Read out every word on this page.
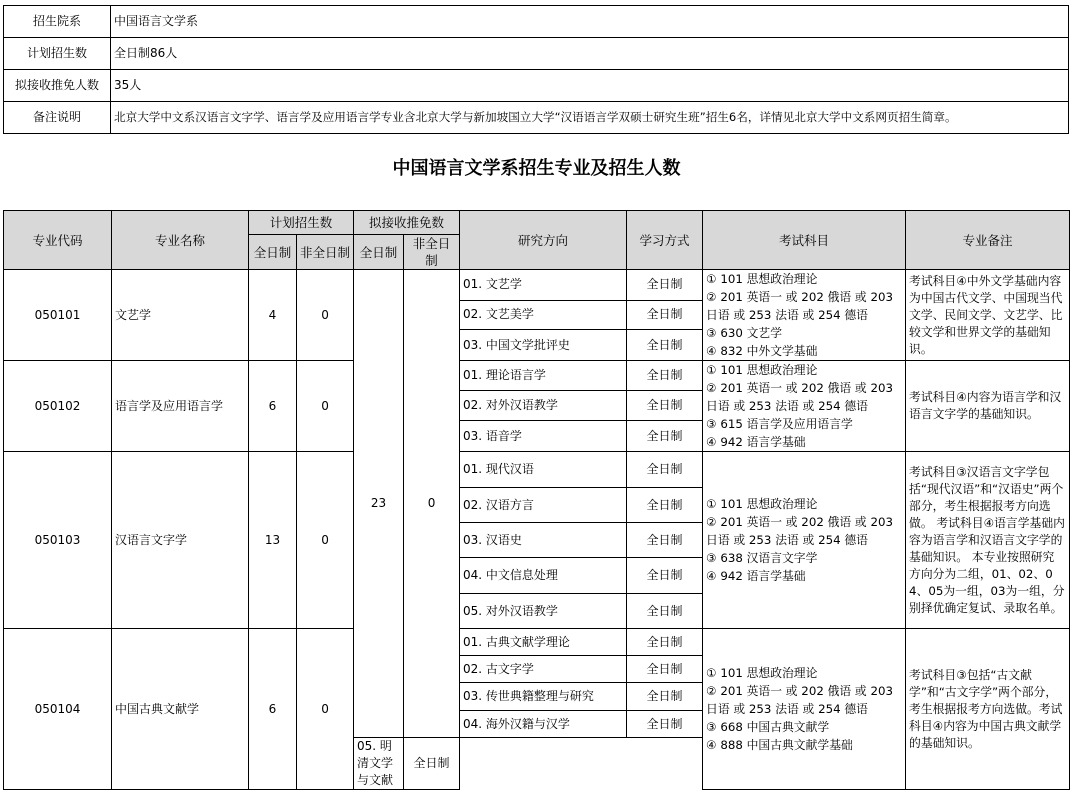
招生院系	中国语言文学系
计划招生数	全日制86人
拟接收推免人数	35人
备注说明	北京大学中文系汉语言文字学、语言学及应用语言学专业含北京大学与新加坡国立大学“汉语语言学双硕士研究生班”招生6名，详情见北京大学中文系网页招生简章。
中国语言文学系招生专业及招生人数
专业代码	专业名称	计划招生数		拟接收推免数		研究方向	学习方式	考试科目	专业备注
		全日制	非全日制	全日制	非全日制				
050101	文艺学	4	0	23	0	01. 文艺学	全日制	① 101 思想政治理论
② 201 英语一 或 202 俄语 或 203
日语 或 253 法语 或 254 德语
③ 630 文艺学
④ 832 中外文学基础	考试科目④中外文学基础内容为中国古代文学、中国现当代文学、民间文学、文艺学、比较文学和世界文学的基础知识。
						02. 文艺美学	全日制		
						03. 中国文学批评史	全日制		
050102	语言学及应用语言学	6	0			01. 理论语言学	全日制	① 101 思想政治理论
② 201 英语一 或 202 俄语 或 203
日语 或 253 法语 或 254 德语
③ 615 语言学及应用语言学
④ 942 语言学基础	考试科目④内容为语言学和汉语言文字学的基础知识。
						02. 对外汉语教学	全日制		
						03. 语音学	全日制		
050103	汉语言文字学	13	0			01. 现代汉语	全日制	① 101 思想政治理论
② 201 英语一 或 202 俄语 或 203
日语 或 253 法语 或 254 德语
③ 638 汉语言文字学
④ 942 语言学基础	考试科目③汉语言文字学包括“现代汉语”和“汉语史”两个部分，考生根据报考方向选做。 考试科目④语言学基础内容为语言学和汉语言文字学的基础知识。 本专业按照研究方向分为二组，01、02、04、05为一组，03为一组，分别择优确定复试、录取名单。
						02. 汉语方言	全日制		
						03. 汉语史	全日制		
						04. 中文信息处理	全日制		
						05. 对外汉语教学	全日制		
050104	中国古典文献学	6	0			01. 古典文献学理论	全日制	① 101 思想政治理论
② 201 英语一 或 202 俄语 或 203
日语 或 253 法语 或 254 德语
③ 668 中国古典文献学
④ 888 中国古典文献学基础	考试科目③包括“古文献学”和“古文字学”两个部分，考生根据报考方向选做。考试科目④内容为中国古典文献学的基础知识。
						02. 古文字学	全日制		
						03. 传世典籍整理与研究	全日制		
						04. 海外汉籍与汉学	全日制		
				05. 明清文学与文献	全日制				
